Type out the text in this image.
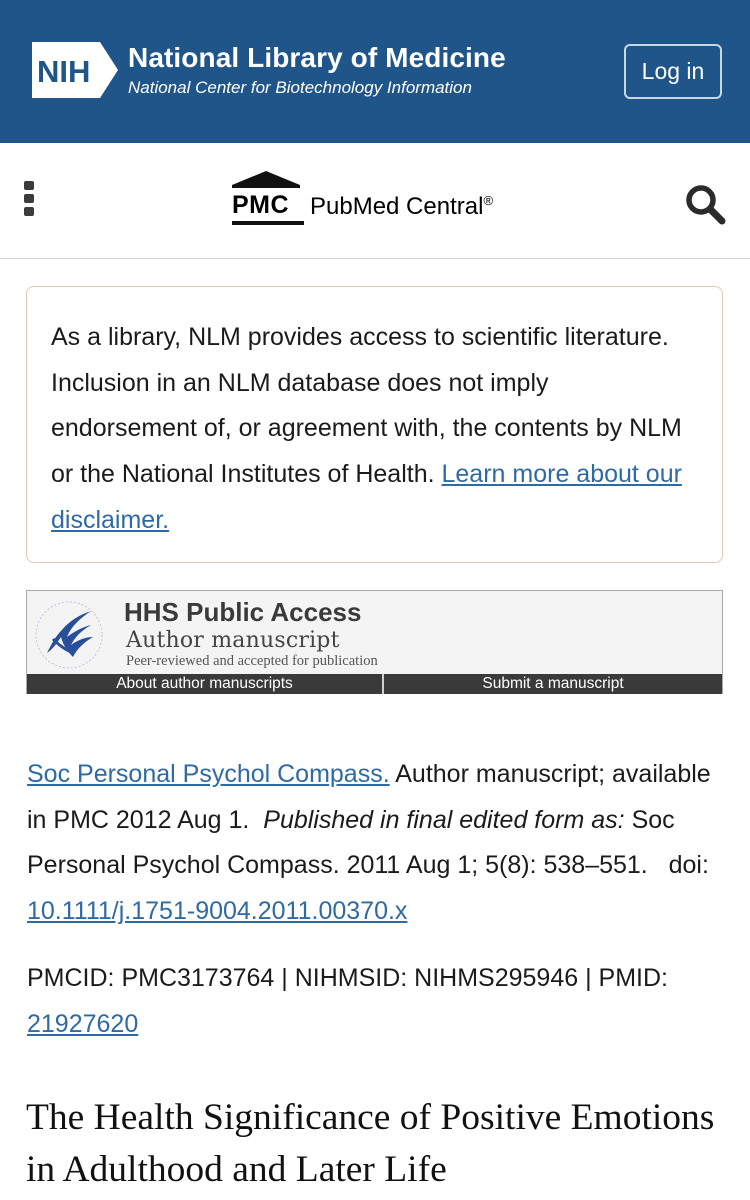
NIH National Library of Medicine
National Center for Biotechnology Information
Log in
PMC PubMed Central®

As a library, NLM provides access to scientific literature. Inclusion in an NLM database does not imply endorsement of, or agreement with, the contents by NLM or the National Institutes of Health. Learn more about our disclaimer.

HHS Public Access
Author manuscript
Peer-reviewed and accepted for publication
About author manuscripts	Submit a manuscript

Soc Personal Psychol Compass. Author manuscript; available in PMC 2012 Aug 1. Published in final edited form as: Soc Personal Psychol Compass. 2011 Aug 1; 5(8): 538–551. doi: 10.1111/j.1751-9004.2011.00370.x

PMCID: PMC3173764 | NIHMSID: NIHMS295946 | PMID: 21927620

The Health Significance of Positive Emotions in Adulthood and Later Life
